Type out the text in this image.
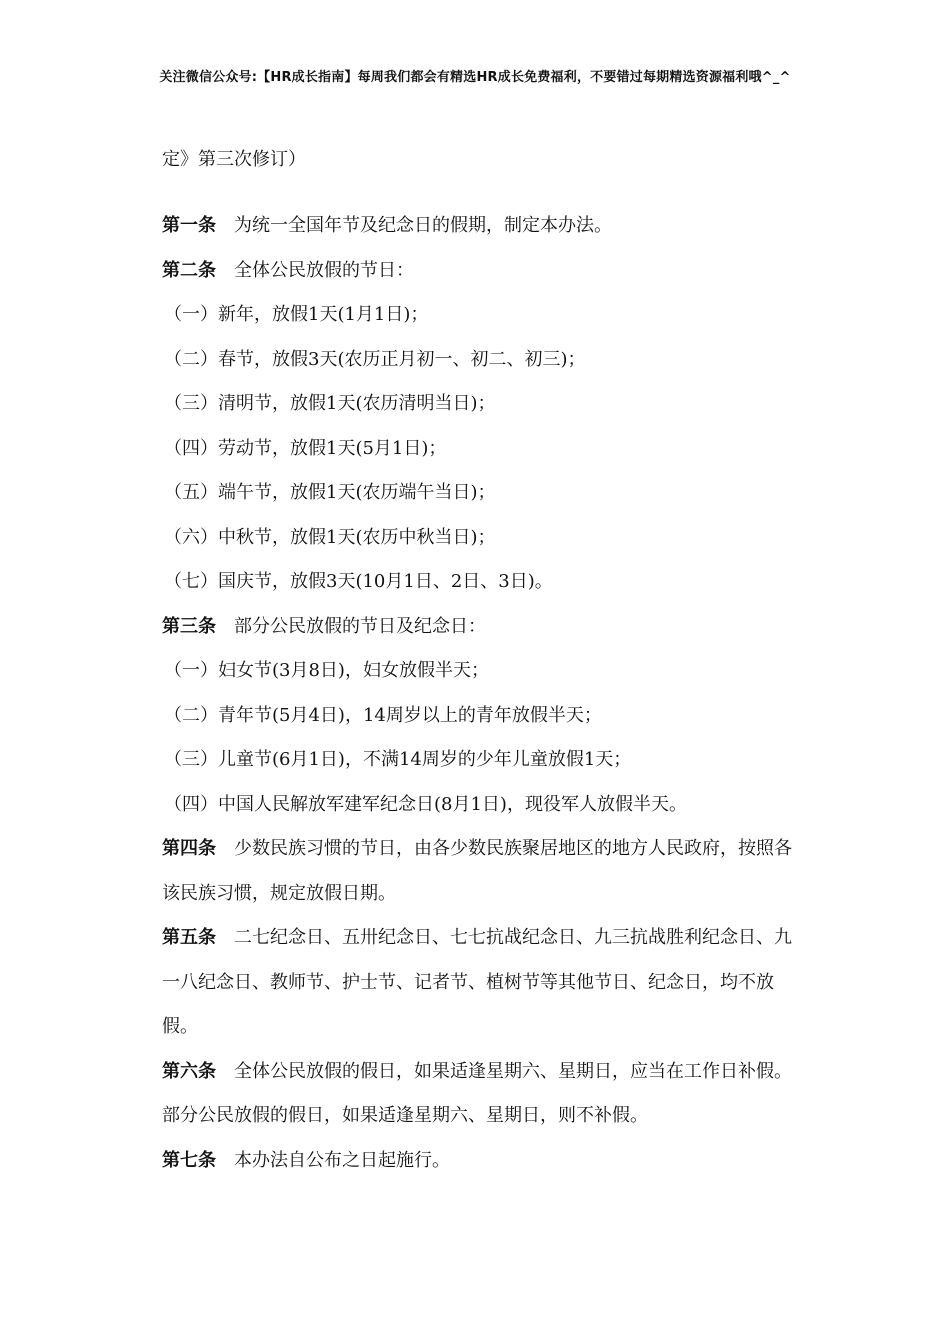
关注微信公众号:【HR成长指南】每周我们都会有精选HR成长免费福利，不要错过每期精选资源福利哦^_^
定》第三次修订）
第一条 为统一全国年节及纪念日的假期，制定本办法。
第二条 全体公民放假的节日：
（一）新年，放假1天(1月1日)；
（二）春节，放假3天(农历正月初一、初二、初三)；
（三）清明节，放假1天(农历清明当日)；
（四）劳动节，放假1天(5月1日)；
（五）端午节，放假1天(农历端午当日)；
（六）中秋节，放假1天(农历中秋当日)；
（七）国庆节，放假3天(10月1日、2日、3日)。
第三条 部分公民放假的节日及纪念日：
（一）妇女节(3月8日)，妇女放假半天；
（二）青年节(5月4日)，14周岁以上的青年放假半天；
（三）儿童节(6月1日)，不满14周岁的少年儿童放假1天；
（四）中国人民解放军建军纪念日(8月1日)，现役军人放假半天。
第四条 少数民族习惯的节日，由各少数民族聚居地区的地方人民政府，按照各该民族习惯，规定放假日期。
第五条 二七纪念日、五卅纪念日、七七抗战纪念日、九三抗战胜利纪念日、九一八纪念日、教师节、护士节、记者节、植树节等其他节日、纪念日，均不放假。
第六条 全体公民放假的假日，如果适逢星期六、星期日，应当在工作日补假。部分公民放假的假日，如果适逢星期六、星期日，则不补假。
第七条 本办法自公布之日起施行。
